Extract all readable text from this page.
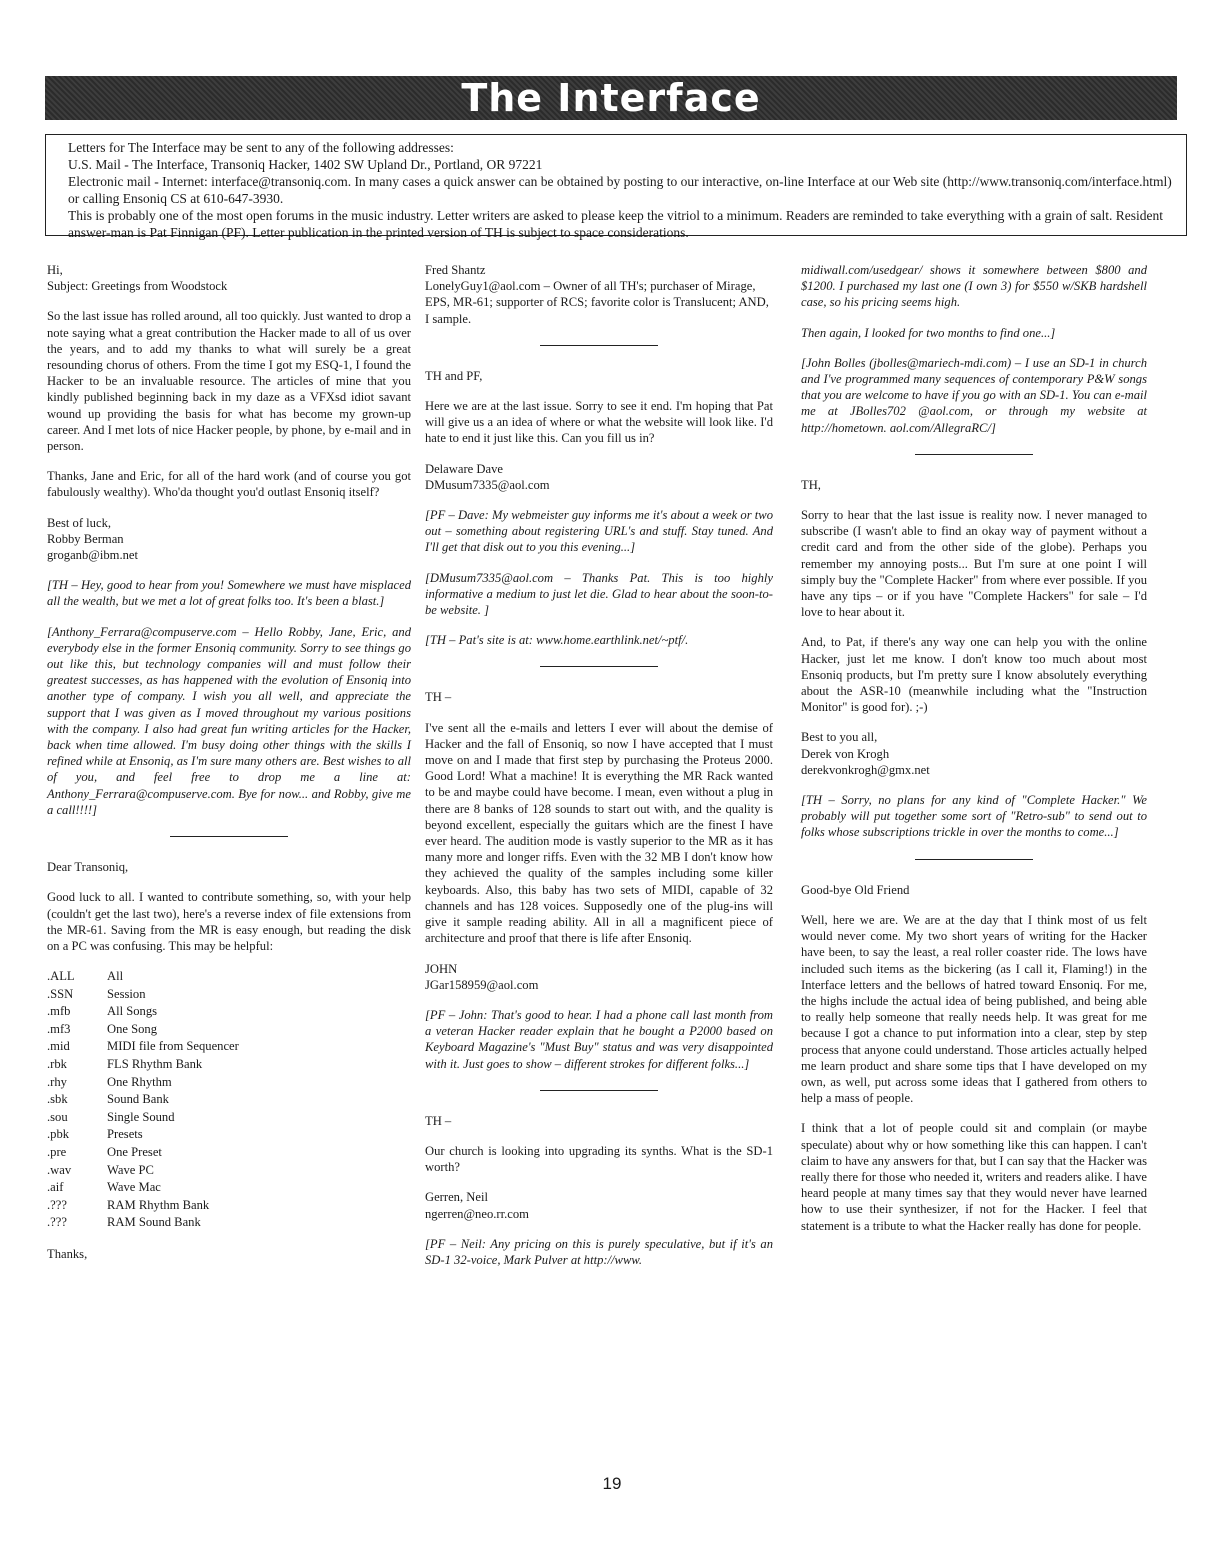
The Interface

Letters for The Interface may be sent to any of the following addresses:

U.S. Mail - The Interface, Transoniq Hacker, 1402 SW Upland Dr., Portland, OR 97221

Electronic mail - Internet: interface@transoniq.com. In many cases a quick answer can be obtained by posting to our interactive, on-line Interface at our Web site (http://www.transoniq.com/interface.html) or calling Ensoniq CS at 610-647-3930.

This is probably one of the most open forums in the music industry. Letter writers are asked to please keep the vitriol to a minimum. Readers are reminded to take everything with a grain of salt. Resident answer-man is Pat Finnigan (PF). Letter publication in the printed version of TH is subject to space considerations.

Hi,
Subject: Greetings from Woodstock

So the last issue has rolled around, all too quickly. Just wanted to drop a note saying what a great contribution the Hacker made to all of us over the years, and to add my thanks to what will surely be a great resounding chorus of others. From the time I got my ESQ-1, I found the Hacker to be an invaluable resource. The articles of mine that you kindly published beginning back in my daze as a VFXsd idiot savant wound up providing the basis for what has become my grown-up career. And I met lots of nice Hacker people, by phone, by e-mail and in person.

Thanks, Jane and Eric, for all of the hard work (and of course you got fabulously wealthy). Who'da thought you'd outlast Ensoniq itself?

Best of luck,
Robby Berman
groganb@ibm.net

[TH – Hey, good to hear from you! Somewhere we must have misplaced all the wealth, but we met a lot of great folks too. It's been a blast.]

[Anthony_Ferrara@compuserve.com – Hello Robby, Jane, Eric, and everybody else in the former Ensoniq community. Sorry to see things go out like this, but technology companies will and must follow their greatest successes, as has happened with the evolution of Ensoniq into another type of company. I wish you all well, and appreciate the support that I was given as I moved throughout my various positions with the company. I also had great fun writing articles for the Hacker, back when time allowed. I'm busy doing other things with the skills I refined while at Ensoniq, as I'm sure many others are. Best wishes to all of you, and feel free to drop me a line at: Anthony_Ferrara@compuserve.com. Bye for now... and Robby, give me a call!!!!]

Dear Transoniq,

Good luck to all. I wanted to contribute something, so, with your help (couldn't get the last two), here's a reverse index of file extensions from the MR-61. Saving from the MR is easy enough, but reading the disk on a PC was confusing. This may be helpful:

.ALL	All
.SSN	Session
.mfb	All Songs
.mf3	One Song
.mid	MIDI file from Sequencer
.rbk	FLS Rhythm Bank
.rhy	One Rhythm
.sbk	Sound Bank
.sou	Single Sound
.pbk	Presets
.pre	One Preset
.wav	Wave PC
.aif	Wave Mac
.???	RAM Rhythm Bank
.???	RAM Sound Bank

Thanks,

Fred Shantz
LonelyGuy1@aol.com – Owner of all TH's; purchaser of Mirage, EPS, MR-61; supporter of RCS; favorite color is Translucent; AND, I sample.

TH and PF,

Here we are at the last issue. Sorry to see it end. I'm hoping that Pat will give us a an idea of where or what the website will look like. I'd hate to end it just like this. Can you fill us in?

Delaware Dave
DMusum7335@aol.com

[PF – Dave: My webmeister guy informs me it's about a week or two out – something about registering URL's and stuff. Stay tuned. And I'll get that disk out to you this evening...]

[DMusum7335@aol.com – Thanks Pat. This is too highly informative a medium to just let die. Glad to hear about the soon-to-be website. ]

[TH – Pat's site is at: www.home.earthlink.net/~ptf/.

TH –

I've sent all the e-mails and letters I ever will about the demise of Hacker and the fall of Ensoniq, so now I have accepted that I must move on and I made that first step by purchasing the Proteus 2000. Good Lord! What a machine! It is everything the MR Rack wanted to be and maybe could have become. I mean, even without a plug in there are 8 banks of 128 sounds to start out with, and the quality is beyond excellent, especially the guitars which are the finest I have ever heard. The audition mode is vastly superior to the MR as it has many more and longer riffs. Even with the 32 MB I don't know how they achieved the quality of the samples including some killer keyboards. Also, this baby has two sets of MIDI, capable of 32 channels and has 128 voices. Supposedly one of the plug-ins will give it sample reading ability. All in all a magnificent piece of architecture and proof that there is life after Ensoniq.

JOHN
JGar158959@aol.com

[PF – John: That's good to hear. I had a phone call last month from a veteran Hacker reader explain that he bought a P2000 based on Keyboard Magazine's "Must Buy" status and was very disappointed with it. Just goes to show – different strokes for different folks...]

TH –

Our church is looking into upgrading its synths. What is the SD-1 worth?

Gerren, Neil
ngerren@neo.rr.com

[PF – Neil: Any pricing on this is purely speculative, but if it's an SD-1 32-voice, Mark Pulver at http://www.

midiwall.com/usedgear/ shows it somewhere between $800 and $1200. I purchased my last one (I own 3) for $550 w/SKB hardshell case, so his pricing seems high.

Then again, I looked for two months to find one...]

[John Bolles (jbolles@mariech-mdi.com) – I use an SD-1 in church and I've programmed many sequences of contemporary P&W songs that you are welcome to have if you go with an SD-1. You can e-mail me at JBolles702 @aol.com, or through my website at http://hometown. aol.com/AllegraRC/]

TH,

Sorry to hear that the last issue is reality now. I never managed to subscribe (I wasn't able to find an okay way of payment without a credit card and from the other side of the globe). Perhaps you remember my annoying posts... But I'm sure at one point I will simply buy the "Complete Hacker" from where ever possible. If you have any tips – or if you have "Complete Hackers" for sale – I'd love to hear about it.

And, to Pat, if there's any way one can help you with the online Hacker, just let me know. I don't know too much about most Ensoniq products, but I'm pretty sure I know absolutely everything about the ASR-10 (meanwhile including what the "Instruction Monitor" is good for). ;-)

Best to you all,
Derek von Krogh
derekvonkrogh@gmx.net

[TH – Sorry, no plans for any kind of "Complete Hacker." We probably will put together some sort of "Retro-sub" to send out to folks whose subscriptions trickle in over the months to come...]

Good-bye Old Friend

Well, here we are. We are at the day that I think most of us felt would never come. My two short years of writing for the Hacker have been, to say the least, a real roller coaster ride. The lows have included such items as the bickering (as I call it, Flaming!) in the Interface letters and the bellows of hatred toward Ensoniq. For me, the highs include the actual idea of being published, and being able to really help someone that really needs help. It was great for me because I got a chance to put information into a clear, step by step process that anyone could understand. Those articles actually helped me learn product and share some tips that I have developed on my own, as well, put across some ideas that I gathered from others to help a mass of people.

I think that a lot of people could sit and complain (or maybe speculate) about why or how something like this can happen. I can't claim to have any answers for that, but I can say that the Hacker was really there for those who needed it, writers and readers alike. I have heard people at many times say that they would never have learned how to use their synthesizer, if not for the Hacker. I feel that statement is a tribute to what the Hacker really has done for people.

19
